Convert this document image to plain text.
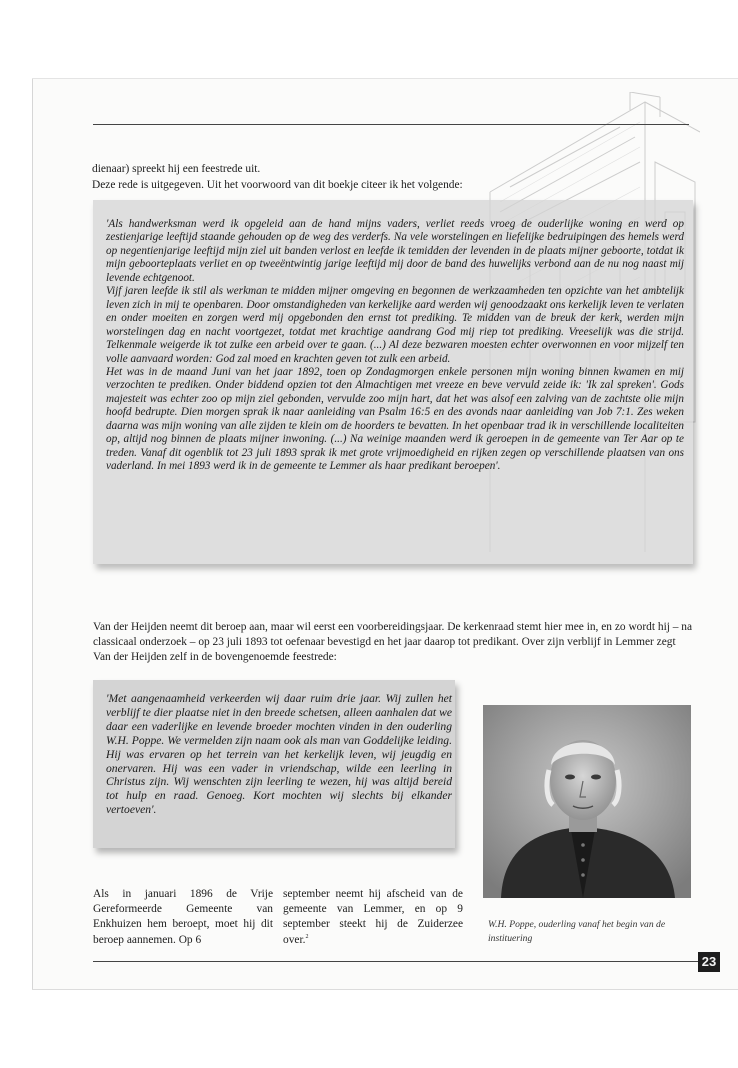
dienaar) spreekt hij een feestrede uit.

Deze rede is uitgegeven. Uit het voorwoord van dit boekje citeer ik het volgende:

'Als handwerksman werd ik opgeleid aan de hand mijns vaders, verliet reeds vroeg de ouderlijke woning en werd op zestienjarige leeftijd staande gehouden op de weg des verderfs. Na vele worstelingen en liefelijke bedruipingen des hemels werd op negentienjarige leeftijd mijn ziel uit banden verlost en leefde ik temidden der levenden in de plaats mijner geboorte, totdat ik mijn geboorteplaats verliet en op tweeëntwintig jarige leeftijd mij door de band des huwelijks verbond aan de nu nog naast mij levende echtgenoot.

Vijf jaren leefde ik stil als werkman te midden mijner omgeving en begonnen de werkzaamheden ten opzichte van het ambtelijk leven zich in mij te openbaren. Door omstandigheden van kerkelijke aard werden wij genoodzaakt ons kerkelijk leven te verlaten en onder moeiten en zorgen werd mij opgebonden den ernst tot prediking. Te midden van de breuk der kerk, werden mijn worstelingen dag en nacht voortgezet, totdat met krachtige aandrang God mij riep tot prediking. Vreeselijk was die strijd. Telkenmale weigerde ik tot zulke een arbeid over te gaan. (...) Al deze bezwaren moesten echter overwonnen en voor mijzelf ten volle aanvaard worden: God zal moed en krachten geven tot zulk een arbeid.

Het was in de maand Juni van het jaar 1892, toen op Zondagmorgen enkele personen mijn woning binnen kwamen en mij verzochten te prediken. Onder biddend opzien tot den Almachtigen met vreeze en beve vervuld zeide ik: 'Ik zal spreken'. Gods majesteit was echter zoo op mijn ziel gebonden, vervulde zoo mijn hart, dat het was alsof een zalving van de zachtste olie mijn hoofd bedrupte. Dien morgen sprak ik naar aanleiding van Psalm 16:5 en des avonds naar aanleiding van Job 7:1. Zes weken daarna was mijn woning van alle zijden te klein om de hoorders te bevatten. In het openbaar trad ik in verschillende localiteiten op, altijd nog binnen de plaats mijner inwoning. (...) Na weinige maanden werd ik geroepen in de gemeente van Ter Aar op te treden. Vanaf dit ogenblik tot 23 juli 1893 sprak ik met grote vrijmoedigheid en rijken zegen op verschillende plaatsen van ons vaderland. In mei 1893 werd ik in de gemeente te Lemmer als haar predikant beroepen'.

Van der Heijden neemt dit beroep aan, maar wil eerst een voorbereidingsjaar. De kerkenraad stemt hier mee in, en zo wordt hij – na classicaal onderzoek – op 23 juli 1893 tot oefenaar bevestigd en het jaar daarop tot predikant. Over zijn verblijf in Lemmer zegt Van der Heijden zelf in de bovengenoemde feestrede:

'Met aangenaamheid verkeerden wij daar ruim drie jaar. Wij zullen het verblijf te dier plaatse niet in den breede schetsen, alleen aanhalen dat we daar een vaderlijke en levende broeder mochten vinden in den ouderling W.H. Poppe. We vermelden zijn naam ook als man van Goddelijke leiding. Hij was ervaren op het terrein van het kerkelijk leven, wij jeugdig en onervaren. Hij was een vader in vriendschap, wilde een leerling in Christus zijn. Wij wenschten zijn leerling te wezen, hij was altijd bereid tot hulp en raad. Genoeg. Kort mochten wij slechts bij elkander vertoeven'.

W.H. Poppe, ouderling vanaf het begin van de instituering

Als in januari 1896 de Vrije Gereformeerde Gemeente van Enkhuizen hem beroept, moet hij dit beroep aannemen. Op 6

september neemt hij afscheid van de gemeente van Lemmer, en op 9 september steekt hij de Zuiderzee over.$^2$

23
